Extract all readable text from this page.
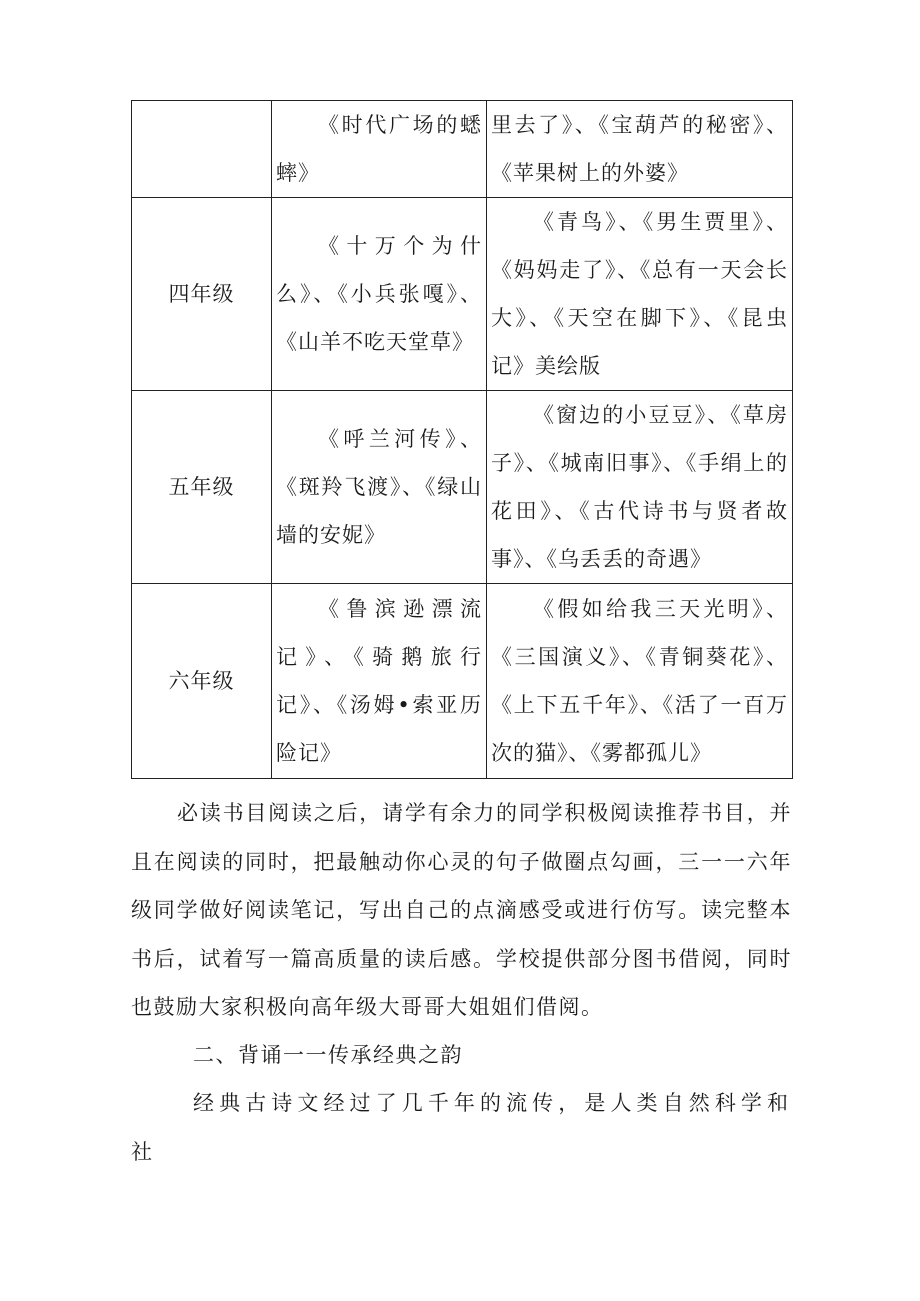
	《时代广场的蟋蟀》	里去了》、《宝葫芦的秘密》、《苹果树上的外婆》
四年级	《十万个为什么》、《小兵张嘎》、《山羊不吃天堂草》	《青鸟》、《男生贾里》、《妈妈走了》、《总有一天会长大》、《天空在脚下》、《昆虫记》美绘版
五年级	《呼兰河传》、《斑羚飞渡》、《绿山墙的安妮》	《窗边的小豆豆》、《草房子》、《城南旧事》、《手绢上的花田》、《古代诗书与贤者故事》、《乌丢丢的奇遇》
六年级	《鲁滨逊漂流记》、《骑鹅旅行记》、《汤姆•索亚历险记》	《假如给我三天光明》、《三国演义》、《青铜葵花》、《上下五千年》、《活了一百万次的猫》、《雾都孤儿》

必读书目阅读之后，请学有余力的同学积极阅读推荐书目，并且在阅读的同时，把最触动你心灵的句子做圈点勾画，三一一六年级同学做好阅读笔记，写出自己的点滴感受或进行仿写。读完整本书后，试着写一篇高质量的读后感。学校提供部分图书借阅，同时也鼓励大家积极向高年级大哥哥大姐姐们借阅。

二、背诵一一传承经典之韵

经典古诗文经过了几千年的流传，是人类自然科学和社
